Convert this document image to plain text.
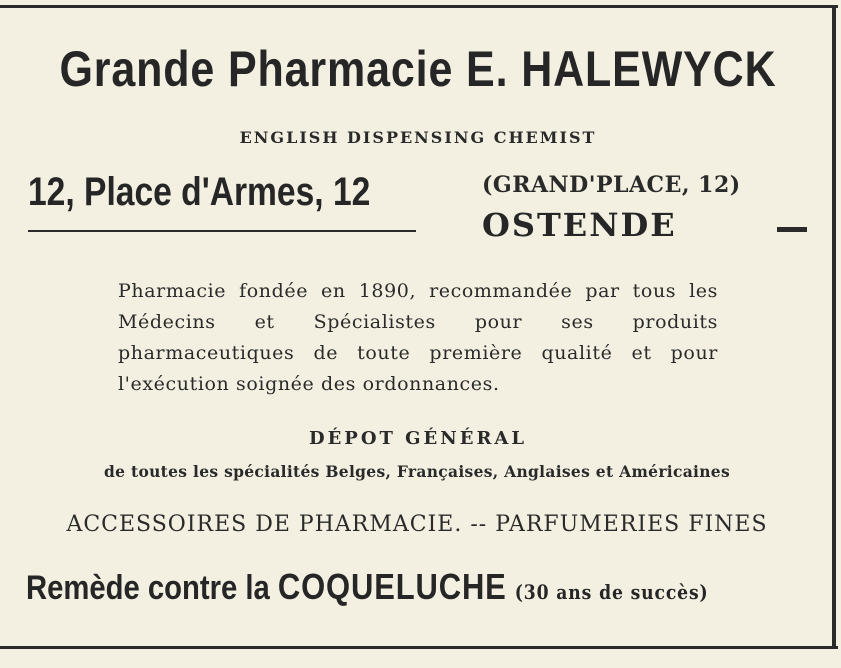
Grande Pharmacie E. HALEWYCK
ENGLISH DISPENSING CHEMIST
12, Place d'Armes, 12	(GRAND'PLACE, 12)
OSTENDE
Pharmacie fondée en 1890, recommandée par tous les Médecins et Spécialistes pour ses produits pharmaceutiques de toute première qualité et pour l'exécution soignée des ordonnances.
DÉPOT GÉNÉRAL
de toutes les spécialités Belges, Françaises, Anglaises et Américaines
ACCESSOIRES DE PHARMACIE. -- PARFUMERIES FINES
Remède contre la COQUELUCHE (30 ans de succès)
